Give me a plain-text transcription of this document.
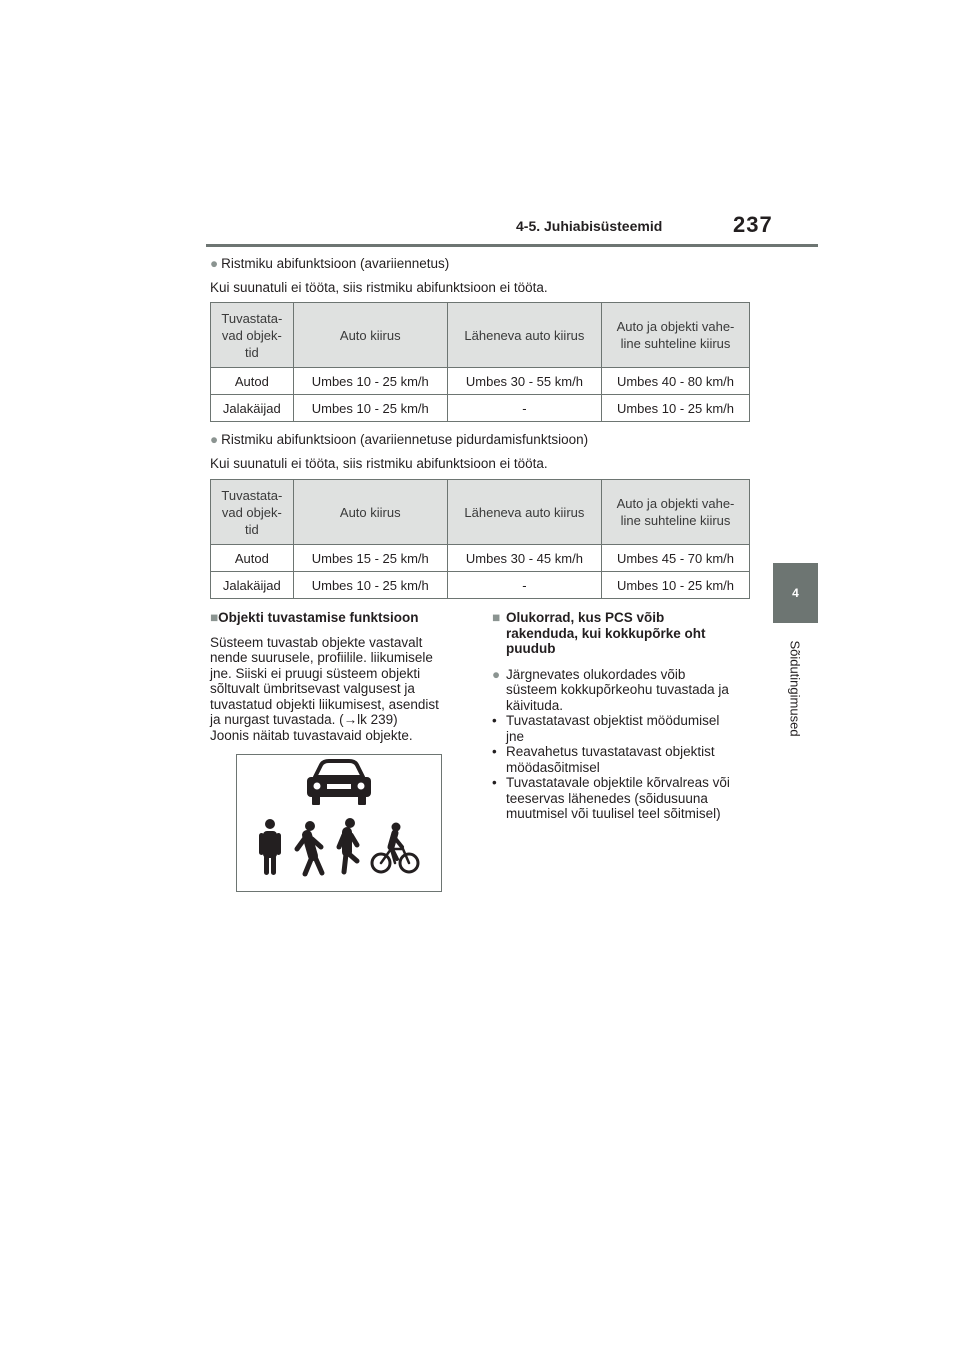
4-5. Juhiabisüsteemid	237
4
Sõidutingimused
● Ristmiku abifunktsioon (avariiennetus)
Kui suunatuli ei tööta, siis ristmiku abifunktsioon ei tööta.
Tuvastata- vad objek- tid	Auto kiirus	Läheneva auto kiirus	Auto ja objekti vahe- line suhteline kiirus
Autod	Umbes 10 - 25 km/h	Umbes 30 - 55 km/h	Umbes 40 - 80 km/h
Jalakäijad	Umbes 10 - 25 km/h	-	Umbes 10 - 25 km/h
● Ristmiku abifunktsioon (avariiennetuse pidurdamisfunktsioon)
Kui suunatuli ei tööta, siis ristmiku abifunktsioon ei tööta.
Tuvastata- vad objek- tid	Auto kiirus	Läheneva auto kiirus	Auto ja objekti vahe- line suhteline kiirus
Autod	Umbes 15 - 25 km/h	Umbes 30 - 45 km/h	Umbes 45 - 70 km/h
Jalakäijad	Umbes 10 - 25 km/h	-	Umbes 10 - 25 km/h

■Objekti tuvastamise funktsioon

Süsteem tuvastab objekte vastavalt

nende suurusele, profiilile. liikumisele

jne. Siiski ei pruugi süsteem objekti

sõltuvalt ümbritsevast valgusest ja

tuvastatud objekti liikumisest, asendist

ja nurgast tuvastada. (→lk 239)

Joonis näitab tuvastavaid objekte.

■ Olukorrad, kus PCS võib

rakenduda, kui kokkupõrke oht

puudub

● Järgnevates olukordades võib

süsteem kokkupõrkeohu tuvastada ja

käivituda.

• Tuvastatavast objektist möödumisel

jne

• Reavahetus tuvastatavast objektist

möödasõitmisel

• Tuvastatavale objektile kõrvalreas või

teeservas lähenedes (sõidusuuna

muutmisel või tuulisel teel sõitmisel)
